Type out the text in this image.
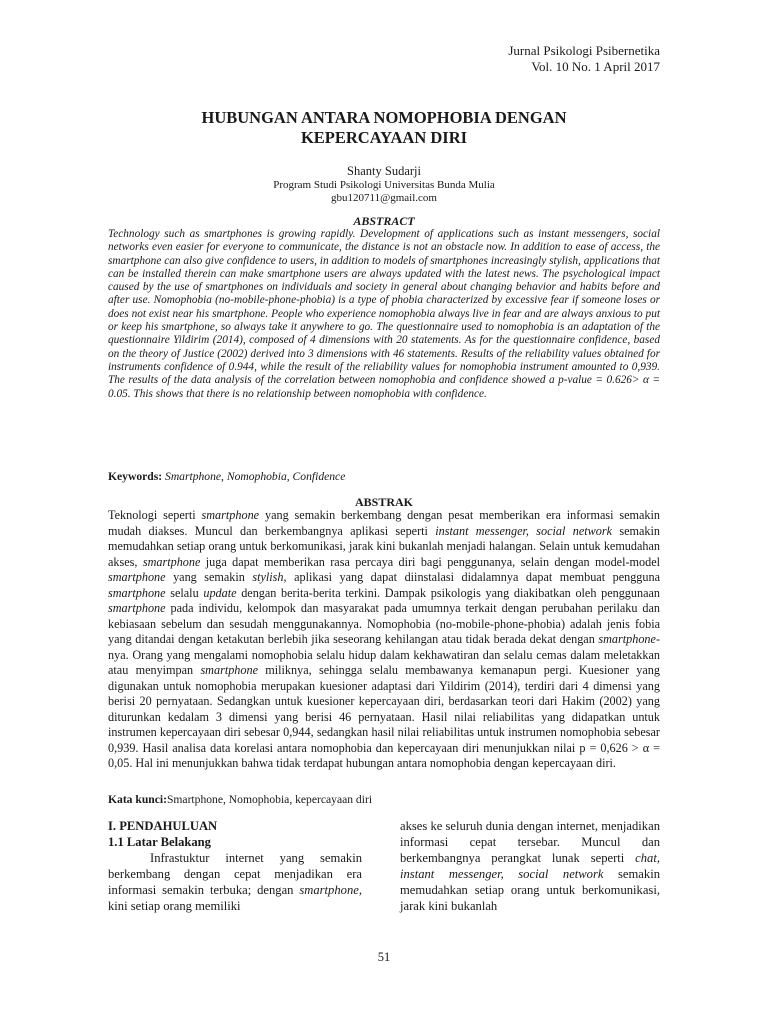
Jurnal Psikologi Psibernetika
Vol. 10 No. 1 April 2017
HUBUNGAN ANTARA NOMOPHOBIA DENGAN
KEPERCAYAAN DIRI
Shanty Sudarji
Program Studi Psikologi Universitas Bunda Mulia
gbu120711@gmail.com
ABSTRACT

Technology such as smartphones is growing rapidly. Development of applications such as instant messengers, social networks even easier for everyone to communicate, the distance is not an obstacle now. In addition to ease of access, the smartphone can also give confidence to users, in addition to models of smartphones increasingly stylish, applications that can be installed therein can make smartphone users are always updated with the latest news. The psychological impact caused by the use of smartphones on individuals and society in general about changing behavior and habits before and after use. Nomophobia (no-mobile-phone-phobia) is a type of phobia characterized by excessive fear if someone loses or does not exist near his smartphone. People who experience nomophobia always live in fear and are always anxious to put or keep his smartphone, so always take it anywhere to go. The questionnaire used to nomophobia is an adaptation of the questionnaire Yildirim (2014), composed of 4 dimensions with 20 statements. As for the questionnaire confidence, based on the theory of Justice (2002) derived into 3 dimensions with 46 statements. Results of the reliability values obtained for instruments confidence of 0.944, while the result of the reliability values for nomophobia instrument amounted to 0,939. The results of the data analysis of the correlation between nomophobia and confidence showed a p-value = 0.626> α = 0.05. This shows that there is no relationship between nomophobia with confidence.

Keywords: Smartphone, Nomophobia, Confidence
ABSTRAK

Teknologi seperti smartphone yang semakin berkembang dengan pesat memberikan era informasi semakin mudah diakses. Muncul dan berkembangnya aplikasi seperti instant messenger, social network semakin memudahkan setiap orang untuk berkomunikasi, jarak kini bukanlah menjadi halangan. Selain untuk kemudahan akses, smartphone juga dapat memberikan rasa percaya diri bagi penggunanya, selain dengan model-model smartphone yang semakin stylish, aplikasi yang dapat diinstalasi didalamnya dapat membuat pengguna smartphone selalu update dengan berita-berita terkini. Dampak psikologis yang diakibatkan oleh penggunaan smartphone pada individu, kelompok dan masyarakat pada umumnya terkait dengan perubahan perilaku dan kebiasaan sebelum dan sesudah menggunakannya. Nomophobia (no-mobile-phone-phobia) adalah jenis fobia yang ditandai dengan ketakutan berlebih jika seseorang kehilangan atau tidak berada dekat dengan smartphone-nya. Orang yang mengalami nomophobia selalu hidup dalam kekhawatiran dan selalu cemas dalam meletakkan atau menyimpan smartphone miliknya, sehingga selalu membawanya kemanapun pergi. Kuesioner yang digunakan untuk nomophobia merupakan kuesioner adaptasi dari Yildirim (2014), terdiri dari 4 dimensi yang berisi 20 pernyataan. Sedangkan untuk kuesioner kepercayaan diri, berdasarkan teori dari Hakim (2002) yang diturunkan kedalam 3 dimensi yang berisi 46 pernyataan. Hasil nilai reliabilitas yang didapatkan untuk instrumen kepercayaan diri sebesar 0,944, sedangkan hasil nilai reliabilitas untuk instrumen nomophobia sebesar 0,939. Hasil analisa data korelasi antara nomophobia dan kepercayaan diri menunjukkan nilai p = 0,626 > α = 0,05. Hal ini menunjukkan bahwa tidak terdapat hubungan antara nomophobia dengan kepercayaan diri.

Kata kunci:Smartphone, Nomophobia, kepercayaan diri
I. PENDAHULUAN
1.1 Latar Belakang

Infrastuktur internet yang semakin berkembang dengan cepat menjadikan era informasi semakin terbuka; dengan smartphone, kini setiap orang memiliki

akses ke seluruh dunia dengan internet, menjadikan informasi cepat tersebar. Muncul dan berkembangnya perangkat lunak seperti chat, instant messenger, social network semakin memudahkan setiap orang untuk berkomunikasi, jarak kini bukanlah

51
